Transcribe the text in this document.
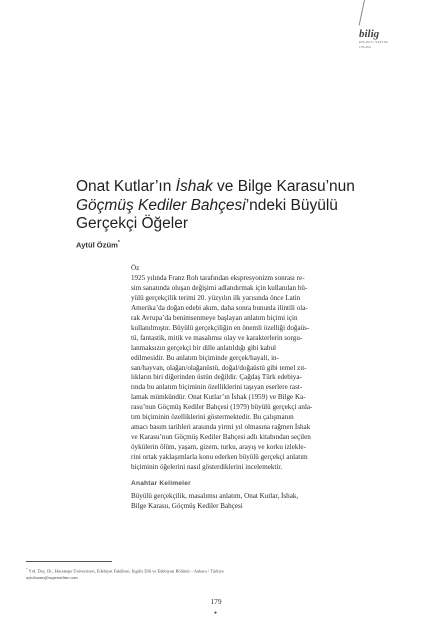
bilig
KIŞ 2013 / SAYI 64
179-204
Onat Kutlar’ın İshak ve Bilge Karasu’nun
Göçmüş Kediler Bahçesi’ndeki Büyülü
Gerçekçi Öğeler
Aytül Özüm*
Öz
1925 yılında Franz Roh tarafından ekspresyonizm sonrası re-
sim sanatında oluşan değişimi adlandırmak için kullanılan bü-
yülü gerçekçilik terimi 20. yüzyılın ilk yarısında önce Latin
Amerika’da doğan edebi akım, daha sonra bununla ilintili ola-
rak Avrupa’da benimsenmeye başlayan anlatım biçimi için
kullanılmıştır. Büyülü gerçekçiliğin en önemli özelliği doğaüs-
tü, fantastik, mitik ve masalımsı olay ve karakterlerin sorgu-
lanmaksızın gerçekçi bir dille anlatıldığı gibi kabul
edilmesidir. Bu anlatım biçiminde gerçek/hayali, in-
san/hayvan, olağan/olağanüstü, doğal/doğaüstü gibi temel zıt-
lıkların biri diğerinden üstün değildir. Çağdaş Türk edebiya-
tında bu anlatım biçiminin özelliklerini taşıyan eserlere rast-
lamak mümkündür. Onat Kutlar’ın İshak (1959) ve Bilge Ka-
rasu’nun Göçmüş Kediler Bahçesi (1979) büyülü gerçekçi anla-
tım biçiminin özelliklerini göstermektedir. Bu çalışmanın
amacı basım tarihleri arasında yirmi yıl olmasına rağmen İshak
ve Karasu’nun Göçmüş Kediler Bahçesi adlı kitabından seçilen
öykülerin ölüm, yaşam, gizem, turku, arayış ve korku izlekle-
rini ortak yaklaşımlarla konu ederken büyülü gerçekçi anlatım
biçiminin öğelerini nasıl gösterdiklerini incelemektir.
Anahtar Kelimeler
Büyülü gerçekçilik, masalımsı anlatım, Onat Kutlar, İshak,
Bilge Karasu, Göçmüş Kediler Bahçesi
* Yrd. Doç. Dr., Hacettepe Üniversitesi, Edebiyat Fakültesi, İngiliz Dili ve Edebiyatı Bölümü – Ankara / Türkiye
aytulozum@superonline.com
179
●
